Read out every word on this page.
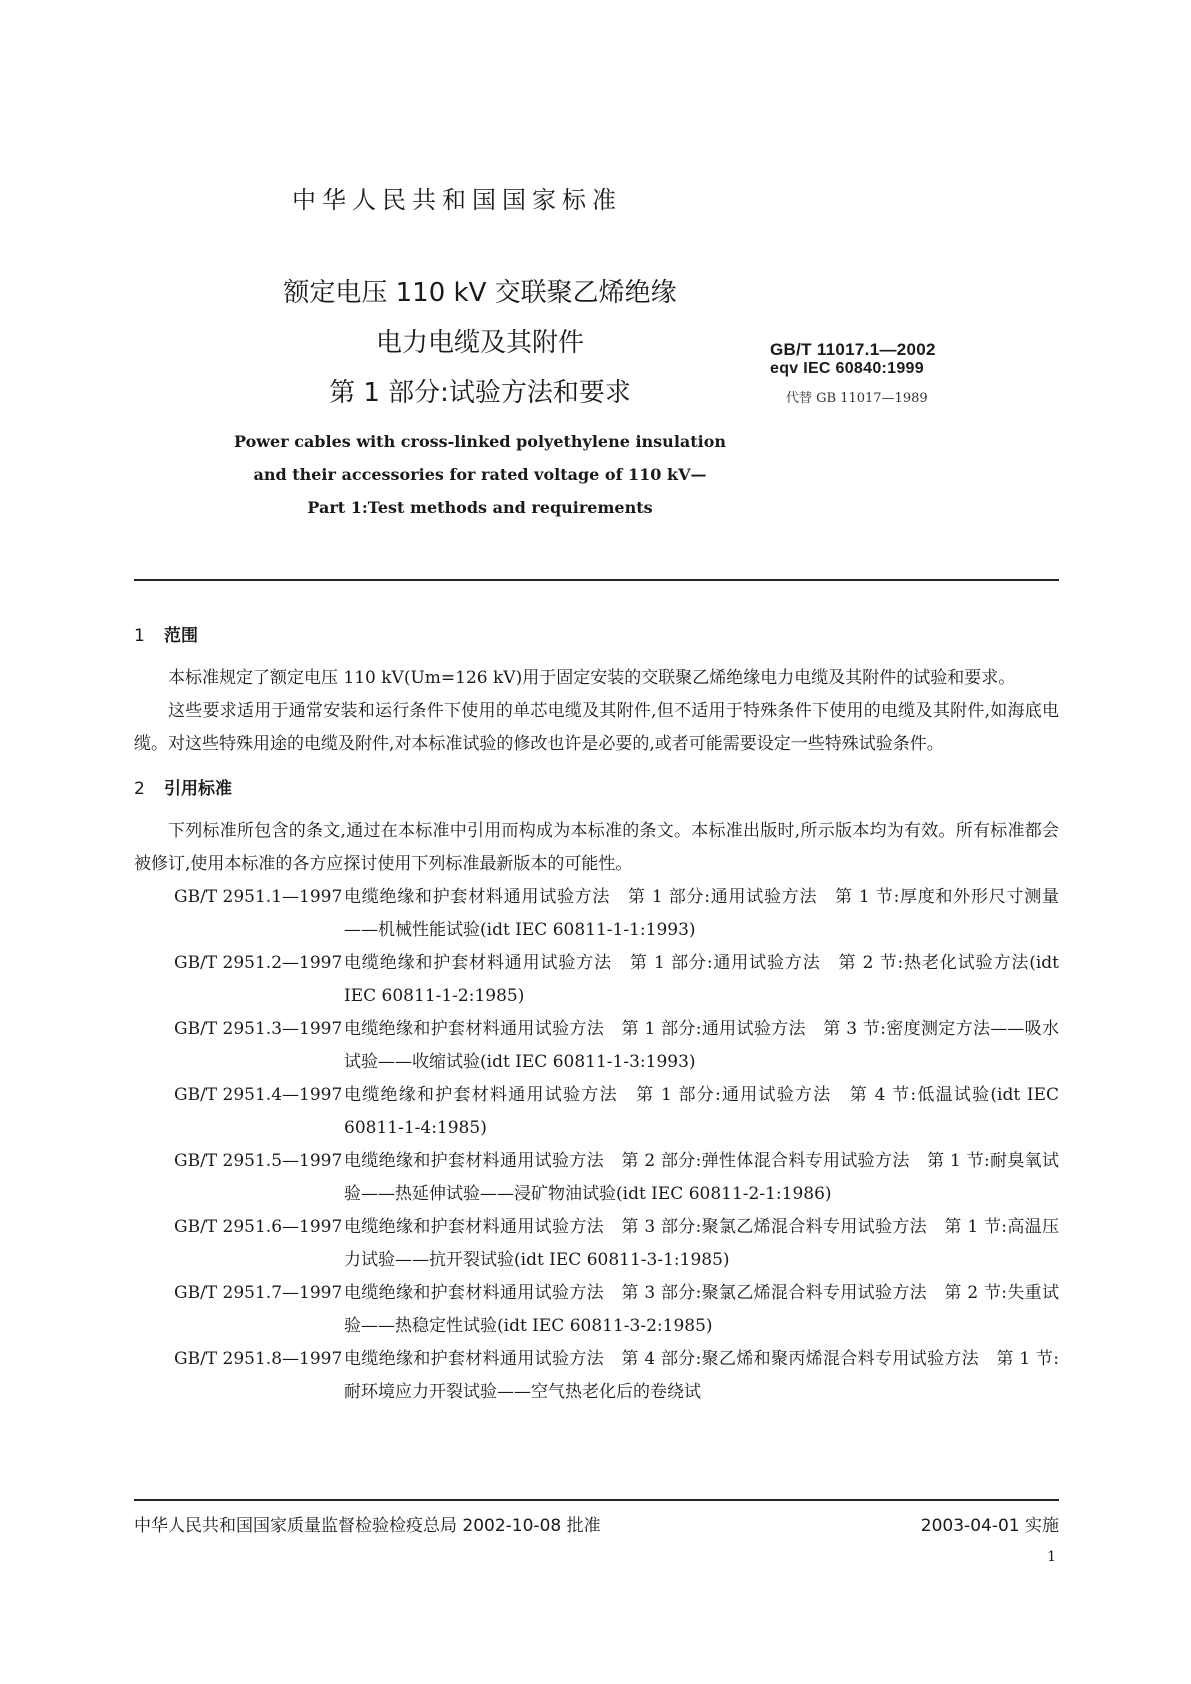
中华人民共和国国家标准
额定电压 110 kV 交联聚乙烯绝缘
电力电缆及其附件
第 1 部分:试验方法和要求
GB/T 11017.1—2002
eqv IEC 60840:1999
代替 GB 11017—1989
Power cables with cross-linked polyethylene insulation
and their accessories for rated voltage of 110 kV—
Part 1:Test methods and requirements
1 范围

本标准规定了额定电压 110 kV(Um=126 kV)用于固定安装的交联聚乙烯绝缘电力电缆及其附件的试验和要求。

这些要求适用于通常安装和运行条件下使用的单芯电缆及其附件,但不适用于特殊条件下使用的电缆及其附件,如海底电缆。对这些特殊用途的电缆及附件,对本标准试验的修改也许是必要的,或者可能需要设定一些特殊试验条件。

2 引用标准

下列标准所包含的条文,通过在本标准中引用而构成为本标准的条文。本标准出版时,所示版本均为有效。所有标准都会被修订,使用本标准的各方应探讨使用下列标准最新版本的可能性。

GB/T 2951.1—1997 电缆绝缘和护套材料通用试验方法　第 1 部分:通用试验方法　第 1 节:厚度和外形尺寸测量——机械性能试验(idt IEC 60811-1-1:1993)
GB/T 2951.2—1997 电缆绝缘和护套材料通用试验方法　第 1 部分:通用试验方法　第 2 节:热老化试验方法(idt IEC 60811-1-2:1985)
GB/T 2951.3—1997 电缆绝缘和护套材料通用试验方法　第 1 部分:通用试验方法　第 3 节:密度测定方法——吸水试验——收缩试验(idt IEC 60811-1-3:1993)
GB/T 2951.4—1997 电缆绝缘和护套材料通用试验方法　第 1 部分:通用试验方法　第 4 节:低温试验(idt IEC 60811-1-4:1985)
GB/T 2951.5—1997 电缆绝缘和护套材料通用试验方法　第 2 部分:弹性体混合料专用试验方法　第 1 节:耐臭氧试验——热延伸试验——浸矿物油试验(idt IEC 60811-2-1:1986)
GB/T 2951.6—1997 电缆绝缘和护套材料通用试验方法　第 3 部分:聚氯乙烯混合料专用试验方法　第 1 节:高温压力试验——抗开裂试验(idt IEC 60811-3-1:1985)
GB/T 2951.7—1997 电缆绝缘和护套材料通用试验方法　第 3 部分:聚氯乙烯混合料专用试验方法　第 2 节:失重试验——热稳定性试验(idt IEC 60811-3-2:1985)
GB/T 2951.8—1997 电缆绝缘和护套材料通用试验方法　第 4 部分:聚乙烯和聚丙烯混合料专用试验方法　第 1 节:耐环境应力开裂试验——空气热老化后的卷绕试
中华人民共和国国家质量监督检验检疫总局 2002-10-08 批准	2003-04-01 实施
1
